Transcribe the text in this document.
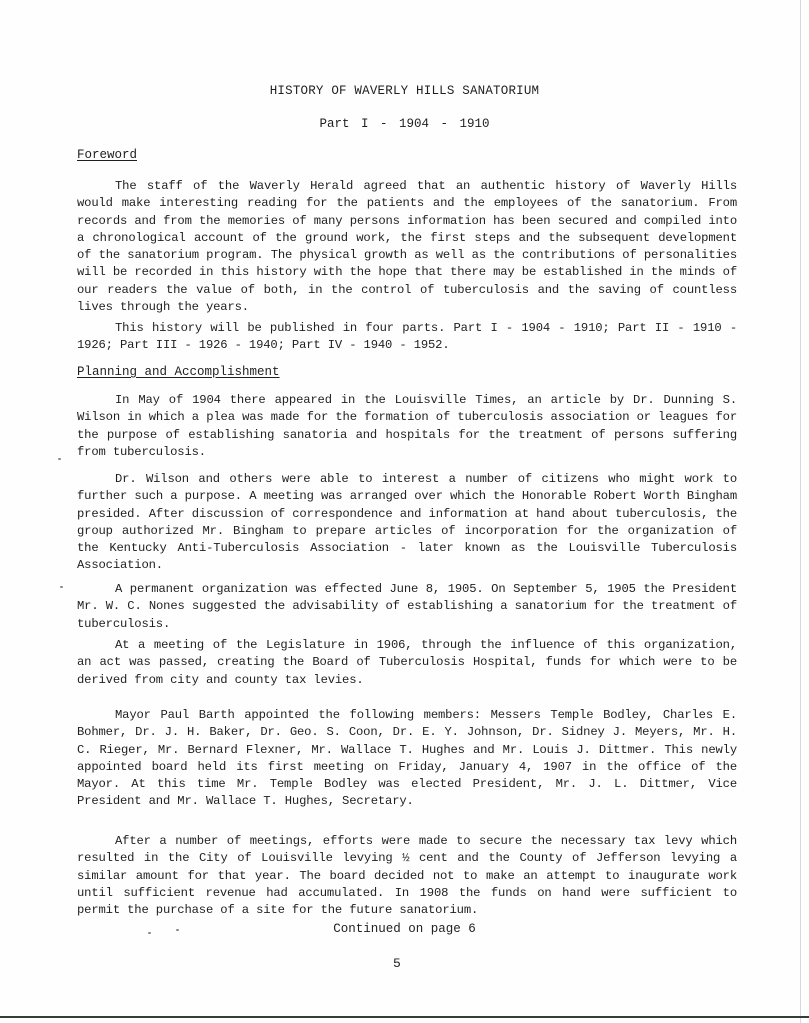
HISTORY OF WAVERLY HILLS SANATORIUM
Part I - 1904 - 1910
Foreword

The staff of the Waverly Herald agreed that an authentic history of Waverly Hills would make interesting reading for the patients and the employees of the sanatorium. From records and from the memories of many persons information has been secured and compiled into a chronological account of the ground work, the first steps and the subsequent development of the sanatorium program. The physical growth as well as the contributions of personalities will be recorded in this history with the hope that there may be established in the minds of our readers the value of both, in the control of tuberculosis and the saving of countless lives through the years.

This history will be published in four parts. Part I - 1904 - 1910; Part II - 1910 - 1926; Part III - 1926 - 1940; Part IV - 1940 - 1952.

Planning and Accomplishment

In May of 1904 there appeared in the Louisville Times, an article by Dr. Dunning S. Wilson in which a plea was made for the formation of tuberculosis association or leagues for the purpose of establishing sanatoria and hospitals for the treatment of persons suffering from tuberculosis.

Dr. Wilson and others were able to interest a number of citizens who might work to further such a purpose. A meeting was arranged over which the Honorable Robert Worth Bingham presided. After discussion of correspondence and information at hand about tuberculosis, the group authorized Mr. Bingham to prepare articles of incorporation for the organization of the Kentucky Anti-Tuberculosis Association - later known as the Louisville Tuberculosis Association.

A permanent organization was effected June 8, 1905. On September 5, 1905 the President Mr. W. C. Nones suggested the advisability of establishing a sanatorium for the treatment of tuberculosis.

At a meeting of the Legislature in 1906, through the influence of this organization, an act was passed, creating the Board of Tuberculosis Hospital, funds for which were to be derived from city and county tax levies.

Mayor Paul Barth appointed the following members: Messers Temple Bodley, Charles E. Bohmer, Dr. J. H. Baker, Dr. Geo. S. Coon, Dr. E. Y. Johnson, Dr. Sidney J. Meyers, Mr. H. C. Rieger, Mr. Bernard Flexner, Mr. Wallace T. Hughes and Mr. Louis J. Dittmer. This newly appointed board held its first meeting on Friday, January 4, 1907 in the office of the Mayor. At this time Mr. Temple Bodley was elected President, Mr. J. L. Dittmer, Vice President and Mr. Wallace T. Hughes, Secretary.

After a number of meetings, efforts were made to secure the necessary tax levy which resulted in the City of Louisville levying ½ cent and the County of Jefferson levying a similar amount for that year. The board decided not to make an attempt to inaugurate work until sufficient revenue had accumulated. In 1908 the funds on hand were sufficient to permit the purchase of a site for the future sanatorium.

Continued on page 6
5
